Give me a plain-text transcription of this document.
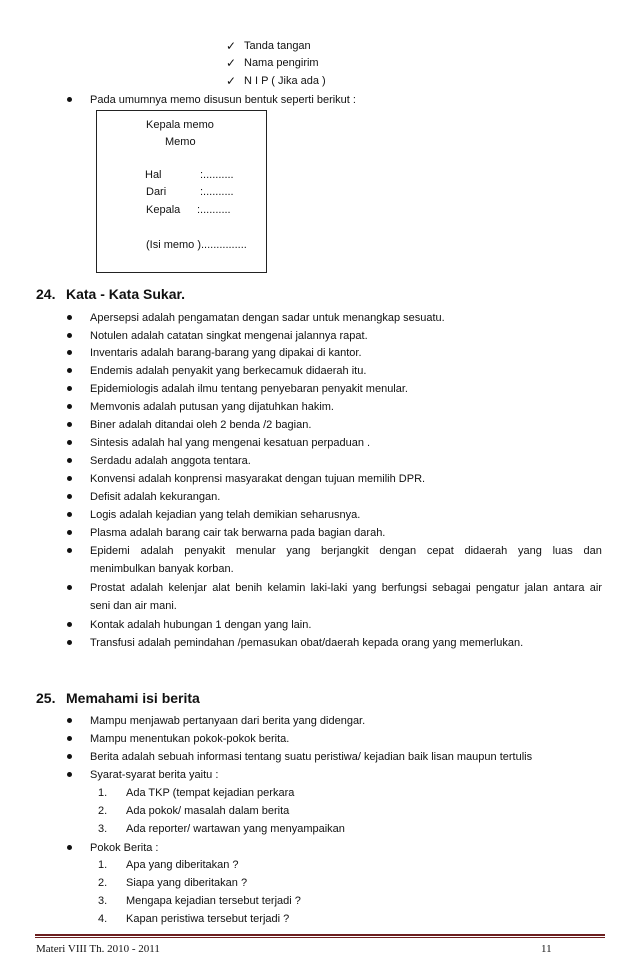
✓ Tanda tangan
✓ Nama pengirim
✓ N I P ( Jika ada )
Pada umumnya memo disusun bentuk seperti berikut :
Kepala memo
Memo
Hal	:..........
Dari	:..........
Kepala :..........
(Isi memo )...............
24. Kata - Kata Sukar.
Apersepsi adalah pengamatan dengan sadar untuk menangkap sesuatu.
Notulen adalah catatan singkat mengenai jalannya rapat.
Inventaris adalah barang-barang yang dipakai di kantor.
Endemis adalah penyakit yang berkecamuk didaerah itu.
Epidemiologis adalah ilmu tentang penyebaran penyakit menular.
Memvonis adalah putusan yang dijatuhkan hakim.
Biner adalah ditandai oleh 2 benda /2 bagian.
Sintesis adalah hal yang mengenai kesatuan perpaduan .
Serdadu adalah anggota tentara.
Konvensi adalah konprensi masyarakat dengan tujuan memilih DPR.
Defisit adalah kekurangan.
Logis adalah kejadian yang telah demikian seharusnya.
Plasma adalah barang cair tak berwarna pada bagian darah.
Epidemi adalah penyakit menular yang berjangkit dengan cepat didaerah yang luas dan
menimbulkan banyak korban.
Prostat adalah kelenjar alat benih kelamin laki-laki yang berfungsi sebagai pengatur jalan antara air
seni dan air mani.
Kontak adalah hubungan 1 dengan yang lain.
Transfusi adalah pemindahan /pemasukan obat/daerah kepada orang yang memerlukan.
25. Memahami isi berita
Mampu menjawab pertanyaan dari berita yang didengar.
Mampu menentukan pokok-pokok berita.
Berita adalah sebuah informasi tentang suatu peristiwa/ kejadian baik lisan maupun tertulis
Syarat-syarat berita yaitu :
1. Ada TKP (tempat kejadian perkara
2. Ada pokok/ masalah dalam berita
3. Ada reporter/ wartawan yang menyampaikan
Pokok Berita :
1. Apa yang diberitakan ?
2. Siapa yang diberitakan ?
3. Mengapa kejadian tersebut terjadi ?
4. Kapan peristiwa tersebut terjadi ?
Materi VIII Th. 2010 - 2011	11
